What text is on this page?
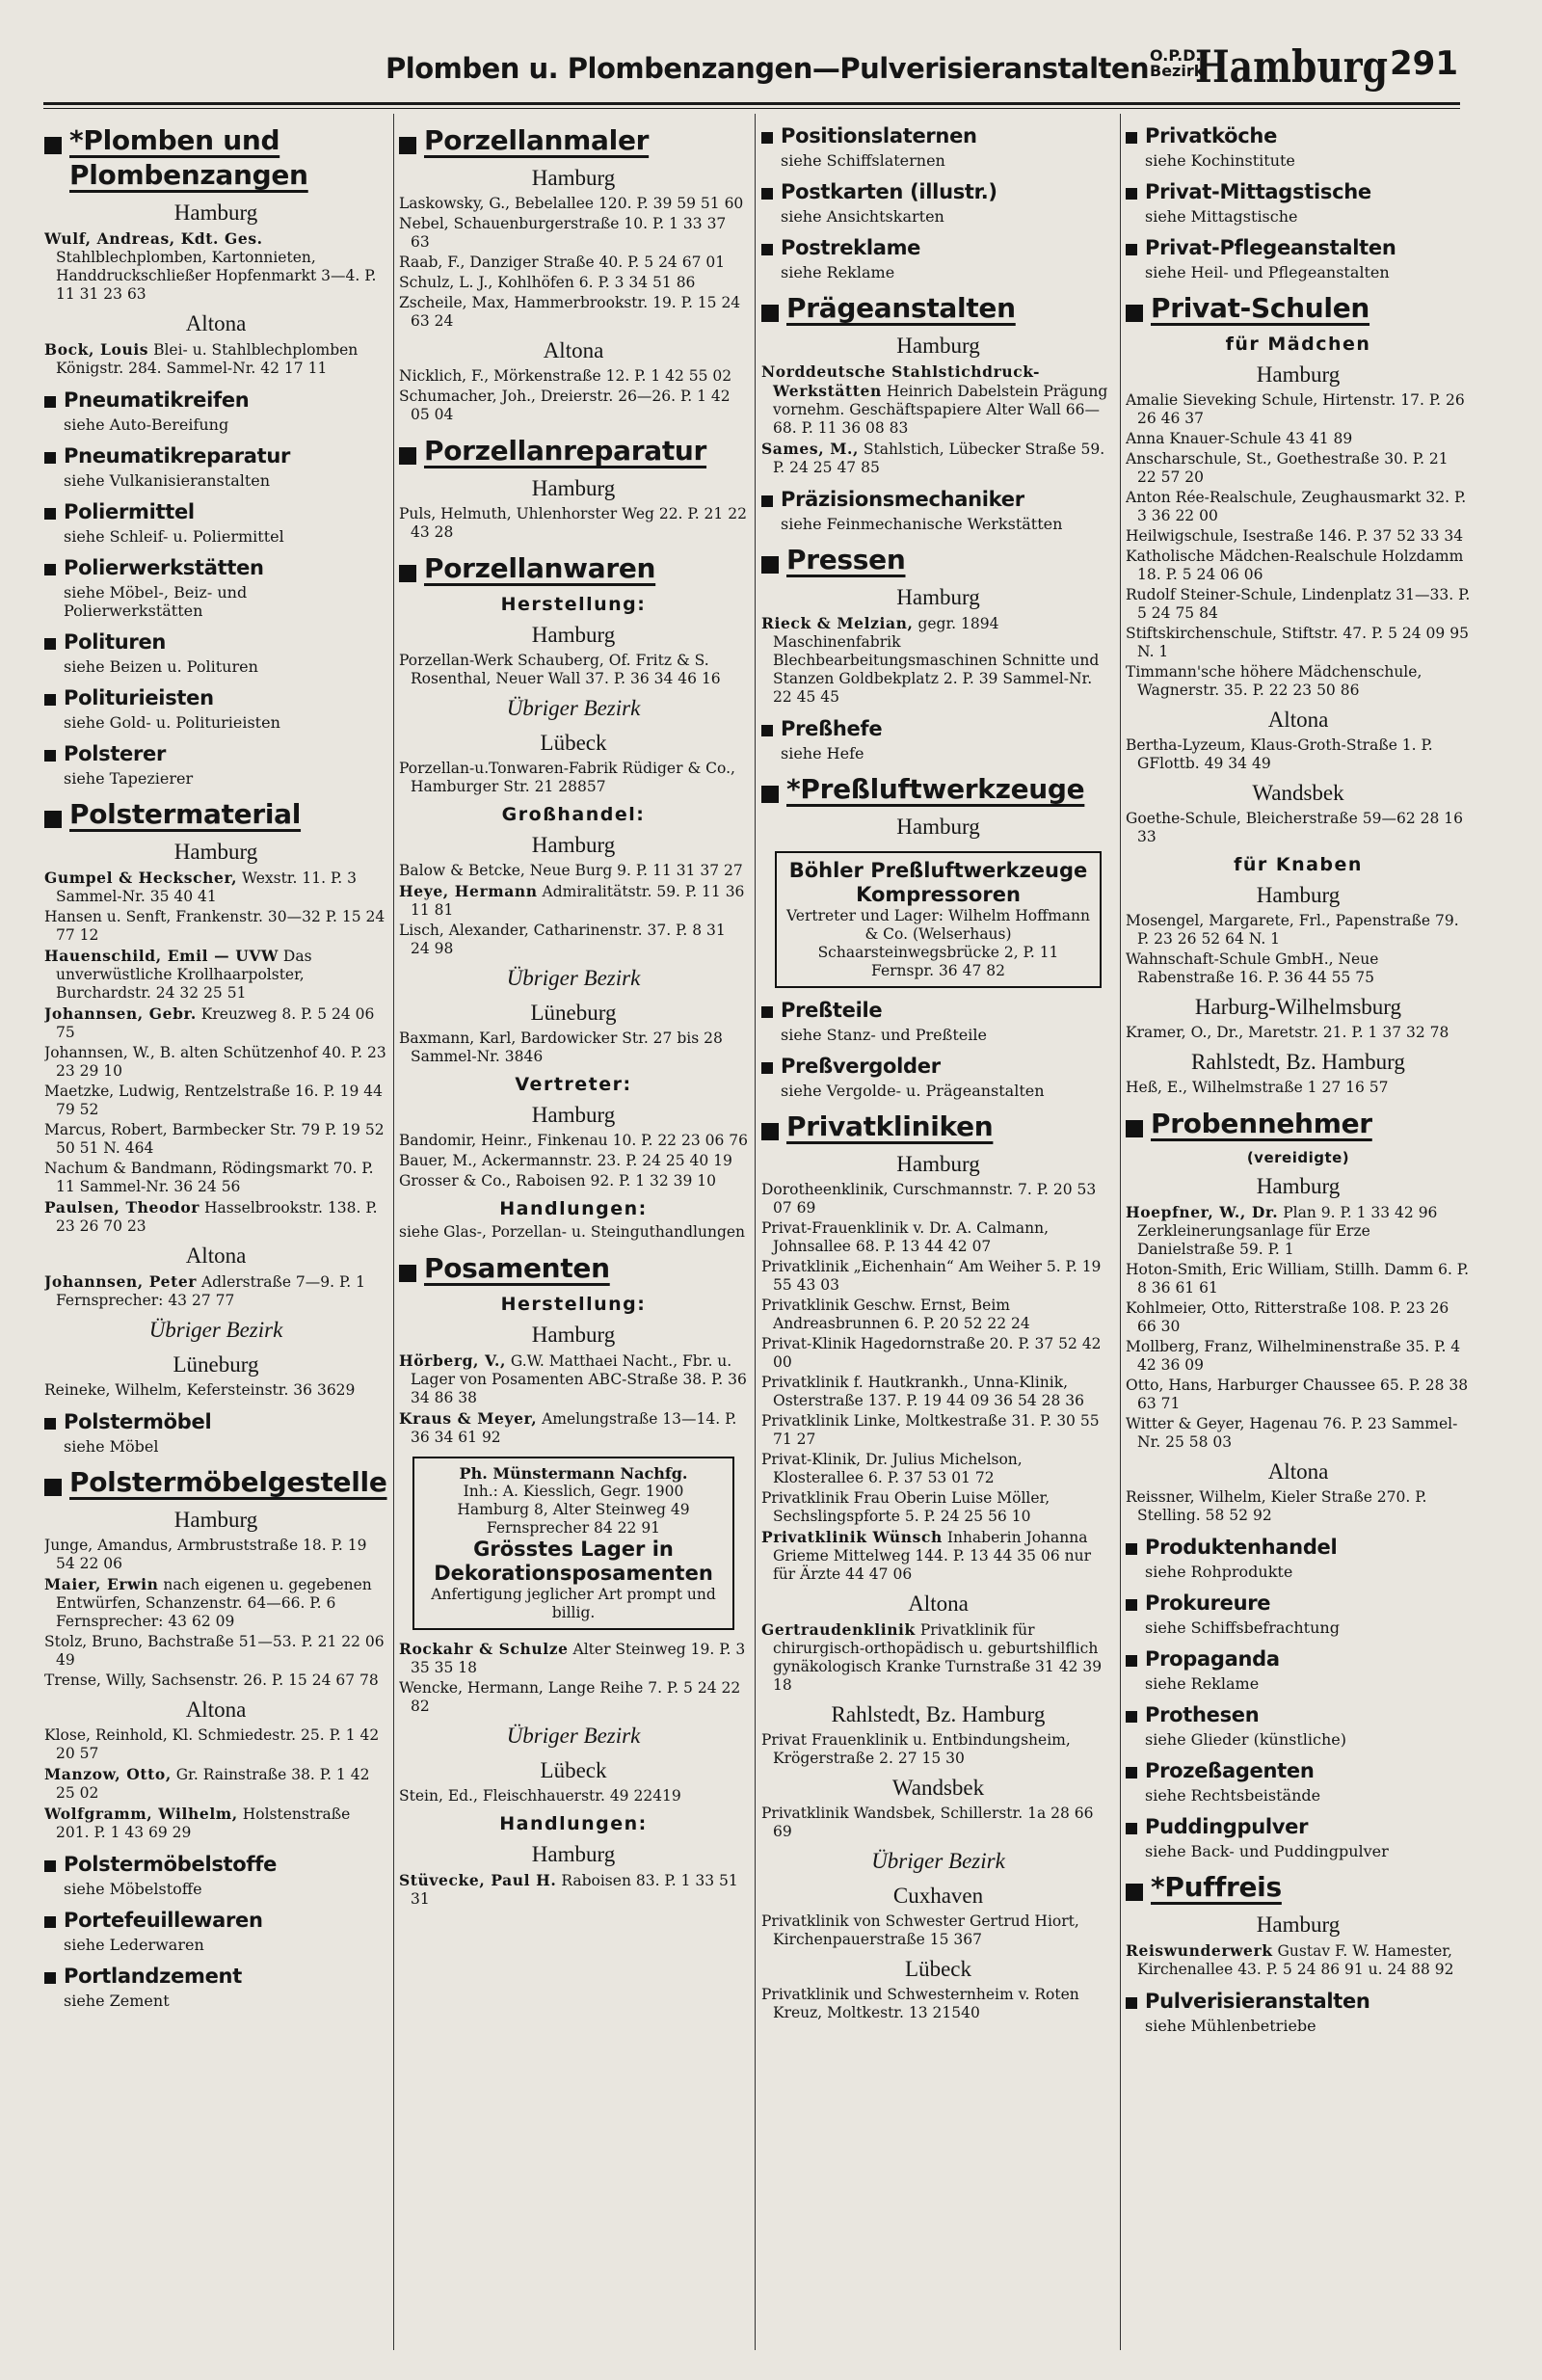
Plomben u. Plombenzangen—Pulverisieranstalten O.P.D.
Bezirk
Hamburg 291
*Plomben und Plombenzangen
Hamburg
Wulf, Andreas, Kdt. Ges. Stahlblechplomben, Kartonnieten, Handdruckschließer Hopfenmarkt 3—4. P. 11 31 23 63
Altona
Bock, Louis Blei- u. Stahlblechplomben Königstr. 284. Sammel-Nr. 42 17 11
Pneumatikreifen
siehe Auto-Bereifung
Pneumatikreparatur
siehe Vulkanisieranstalten
Poliermittel
siehe Schleif- u. Poliermittel
Polierwerkstätten
siehe Möbel-, Beiz- und Polierwerkstätten
Polituren
siehe Beizen u. Polituren
Polituriеisten
siehe Gold- u. Polituriеisten
Polsterer
siehe Tapezierer
Polstermaterial
Hamburg
Gumpel & Heckscher, Wexstr. 11. P. 3 Sammel-Nr. 35 40 41
Hansen u. Senft, Frankenstr. 30—32 P. 15 24 77 12
Hauenschild, Emil — UVW Das unverwüstliche Krollhaarpolster, Burchardstr. 24 32 25 51
Johannsen, Gebr. Kreuzweg 8. P. 5 24 06 75
Johannsen, W., B. alten Schützenhof 40. P. 23 23 29 10
Maetzke, Ludwig, Rentzelstraße 16. P. 19 44 79 52
Marcus, Robert, Barmbecker Str. 79 P. 19 52 50 51 N. 464
Nachum & Bandmann, Rödingsmarkt 70. P. 11 Sammel-Nr. 36 24 56
Paulsen, Theodor Hasselbrookstr. 138. P. 23 26 70 23
Altona
Johannsen, Peter Adlerstraße 7—9. P. 1 Fernsprecher: 43 27 77
Übriger Bezirk
Lüneburg
Reineke, Wilhelm, Kefersteinstr. 36 3629
Polstermöbel
siehe Möbel
Polstermöbelgestelle
Hamburg
Junge, Amandus, Armbruststraße 18. P. 19 54 22 06
Maier, Erwin nach eigenen u. gegebenen Entwürfen, Schanzenstr. 64—66. P. 6 Fernsprecher: 43 62 09
Stolz, Bruno, Bachstraße 51—53. P. 21 22 06 49
Trense, Willy, Sachsenstr. 26. P. 15 24 67 78
Altona
Klose, Reinhold, Kl. Schmiedestr. 25. P. 1 42 20 57
Manzow, Otto, Gr. Rainstraße 38. P. 1 42 25 02
Wolfgramm, Wilhelm, Holstenstraße 201. P. 1 43 69 29
Polstermöbelstoffe
siehe Möbelstoffe
Portefeuillewaren
siehe Lederwaren
Portlandzement
siehe Zement
Porzellanmaler
Hamburg
Laskowsky, G., Bebelallee 120. P. 39 59 51 60
Nebel, Schauenburgerstraße 10. P. 1 33 37 63
Raab, F., Danziger Straße 40. P. 5 24 67 01
Schulz, L. J., Kohlhöfen 6. P. 3 34 51 86
Zscheile, Max, Hammerbrookstr. 19. P. 15 24 63 24
Altona
Nicklich, F., Mörkenstraße 12. P. 1 42 55 02
Schumacher, Joh., Dreierstr. 26—26. P. 1 42 05 04
Porzellanreparatur
Hamburg
Puls, Helmuth, Uhlenhorster Weg 22. P. 21 22 43 28
Porzellanwaren
Herstellung:
Hamburg
Porzellan-Werk Schauberg, Of. Fritz & S. Rosenthal, Neuer Wall 37. P. 36 34 46 16
Übriger Bezirk
Lübeck
Porzellan-u.Tonwaren-Fabrik Rüdiger & Co., Hamburger Str. 21 28857
Großhandel:
Hamburg
Balow & Betcke, Neue Burg 9. P. 11 31 37 27
Heye, Hermann Admiralitätstr. 59. P. 11 36 11 81
Lisch, Alexander, Catharinenstr. 37. P. 8 31 24 98
Übriger Bezirk
Lüneburg
Baxmann, Karl, Bardowicker Str. 27 bis 28 Sammel-Nr. 3846
Vertreter:
Hamburg
Bandomir, Heinr., Finkenau 10. P. 22 23 06 76
Bauer, M., Ackermannstr. 23. P. 24 25 40 19
Grosser & Co., Raboisen 92. P. 1 32 39 10
Handlungen:
siehe Glas-, Porzellan- u. Steinguthandlungen
Posamenten
Herstellung:
Hamburg
Hörberg, V., G.W. Matthaei Nacht., Fbr. u. Lager von Posamenten ABC-Straße 38. P. 36 34 86 38
Kraus & Meyer, Amelungstraße 13—14. P. 36 34 61 92
Ph. Münstermann Nachfg.
Inh.: A. Kiesslich, Gegr. 1900
Hamburg 8, Alter Steinweg 49
Fernsprecher 84 22 91
Grösstes Lager in Dekorationsposamenten
Anfertigung jeglicher Art prompt und billig.
Rockahr & Schulze Alter Steinweg 19. P. 3 35 35 18
Wencke, Hermann, Lange Reihe 7. P. 5 24 22 82
Übriger Bezirk
Lübeck
Stein, Ed., Fleischhauerstr. 49 22419
Handlungen:
Hamburg
Stüvecke, Paul H. Raboisen 83. P. 1 33 51 31
Positionslaternen
siehe Schiffslaternen
Postkarten (illustr.)
siehe Ansichtskarten
Postreklame
siehe Reklame
Prägeanstalten
Hamburg
Norddeutsche Stahlstichdruck-Werkstätten Heinrich Dabelstein Prägung vornehm. Geschäftspapiere Alter Wall 66—68. P. 11 36 08 83
Sames, M., Stahlstich, Lübecker Straße 59. P. 24 25 47 85
Präzisionsmechaniker
siehe Feinmechanische Werkstätten
Pressen
Hamburg
Rieck & Melzian, gegr. 1894 Maschinenfabrik Blechbearbeitungsmaschinen Schnitte und Stanzen Goldbekplatz 2. P. 39 Sammel-Nr. 22 45 45
Preßhefe
siehe Hefe
*Preßluftwerkzeuge
Hamburg
Böhler Preßluftwerkzeuge Kompressoren
Vertreter und Lager: Wilhelm Hoffmann & Co. (Welserhaus) Schaarsteinwegsbrücke 2, P. 11 Fernspr. 36 47 82
Preßteile
siehe Stanz- und Preßteile
Preßvergolder
siehe Vergolde- u. Prägeanstalten
Privatkliniken
Hamburg
Dorotheenklinik, Curschmannstr. 7. P. 20 53 07 69
Privat-Frauenklinik v. Dr. A. Calmann, Johnsallee 68. P. 13 44 42 07
Privatklinik „Eichenhain“ Am Weiher 5. P. 19 55 43 03
Privatklinik Geschw. Ernst, Beim Andreasbrunnen 6. P. 20 52 22 24
Privat-Klinik Hagedornstraße 20. P. 37 52 42 00
Privatklinik f. Hautkrankh., Unna-Klinik, Osterstraße 137. P. 19 44 09 36 54 28 36
Privatklinik Linke, Moltkestraße 31. P. 30 55 71 27
Privat-Klinik, Dr. Julius Michelson, Klosterallee 6. P. 37 53 01 72
Privatklinik Frau Oberin Luise Möller, Sechslingspforte 5. P. 24 25 56 10
Privatklinik Wünsch Inhaberin Johanna Grieme Mittelweg 144. P. 13 44 35 06 nur für Ärzte 44 47 06
Altona
Gertraudenklinik Privatklinik für chirurgisch-orthopädisch u. geburtshilflich gynäkologisch Kranke Turnstraße 31 42 39 18
Rahlstedt, Bz. Hamburg
Privat Frauenklinik u. Entbindungsheim, Krögerstraße 2. 27 15 30
Wandsbek
Privatklinik Wandsbek, Schillerstr. 1a 28 66 69
Übriger Bezirk
Cuxhaven
Privatklinik von Schwester Gertrud Hiort, Kirchenpauerstraße 15 367
Lübeck
Privatklinik und Schwesternheim v. Roten Kreuz, Moltkestr. 13 21540
Privatköche
siehe Kochinstitute
Privat-Mittagstische
siehe Mittagstische
Privat-Pflegeanstalten
siehe Heil- und Pflegeanstalten
Privat-Schulen
für Mädchen
Hamburg
Amalie Sieveking Schule, Hirtenstr. 17. P. 26 26 46 37
Anna Knauer-Schule 43 41 89
Anscharschule, St., Goethestraße 30. P. 21 22 57 20
Anton Rée-Realschule, Zeughausmarkt 32. P. 3 36 22 00
Heilwigschule, Isestraße 146. P. 37 52 33 34
Katholische Mädchen-Realschule Holzdamm 18. P. 5 24 06 06
Rudolf Steiner-Schule, Lindenplatz 31—33. P. 5 24 75 84
Stiftskirchenschule, Stiftstr. 47. P. 5 24 09 95 N. 1
Timmann'sche höhere Mädchenschule, Wagnerstr. 35. P. 22 23 50 86
Altona
Bertha-Lyzeum, Klaus-Groth-Straße 1. P. GFlottb. 49 34 49
Wandsbek
Goethe-Schule, Bleicherstraße 59—62 28 16 33
für Knaben
Hamburg
Mosengel, Margarete, Frl., Papenstraße 79. P. 23 26 52 64 N. 1
Wahnschaft-Schule GmbH., Neue Rabenstraße 16. P. 36 44 55 75
Harburg-Wilhelmsburg
Kramer, O., Dr., Maretstr. 21. P. 1 37 32 78
Rahlstedt, Bz. Hamburg
Heß, E., Wilhelmstraße 1 27 16 57
Probennehmer
(vereidigte)
Hamburg
Hoepfner, W., Dr. Plan 9. P. 1 33 42 96 Zerkleinerungsanlage für Erze Danielstraße 59. P. 1
Hoton-Smith, Eric William, Stillh. Damm 6. P. 8 36 61 61
Kohlmeier, Otto, Ritterstraße 108. P. 23 26 66 30
Mollberg, Franz, Wilhelminenstraße 35. P. 4 42 36 09
Otto, Hans, Harburger Chaussee 65. P. 28 38 63 71
Witter & Geyer, Hagenau 76. P. 23 Sammel-Nr. 25 58 03
Altona
Reissner, Wilhelm, Kieler Straße 270. P. Stelling. 58 52 92
Produktenhandel
siehe Rohprodukte
Prokureure
siehe Schiffsbefrachtung
Propaganda
siehe Reklame
Prothesen
siehe Glieder (künstliche)
Prozeßagenten
siehe Rechtsbeistände
Puddingpulver
siehe Back- und Puddingpulver
*Puffreis
Hamburg
Reiswunderwerk Gustav F. W. Hamester, Kirchenallee 43. P. 5 24 86 91 u. 24 88 92
Pulverisieranstalten
siehe Mühlenbetriebe
